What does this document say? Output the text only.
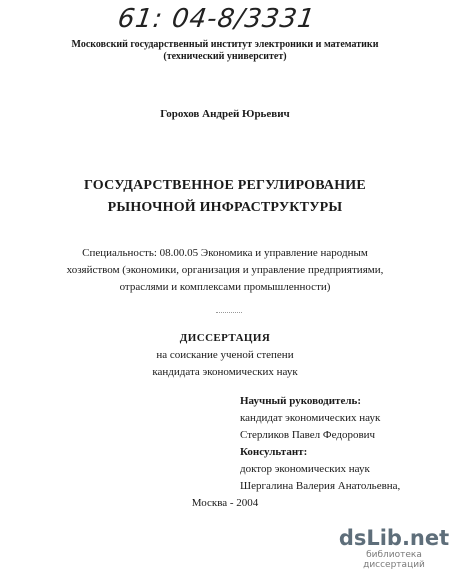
61: 04-8/3331
Московский государственный институт электроники и математики
(технический университет)
Горохов Андрей Юрьевич
ГОСУДАРСТВЕННОЕ РЕГУЛИРОВАНИЕ
РЫНОЧНОЙ ИНФРАСТРУКТУРЫ
Специальность: 08.00.05 Экономика и управление народным
хозяйством (экономики, организация и управление предприятиями,
отраслями и комплексами промышленности)
ДИССЕРТАЦИЯ
на соискание ученой степени
кандидата экономических наук
Научный руководитель:
кандидат экономических наук
Стерликов Павел Федорович
Консультант:
доктор экономических наук
Шергалина Валерия Анатольевна,
Москва - 2004
dsLib.net
библиотека диссертаций
